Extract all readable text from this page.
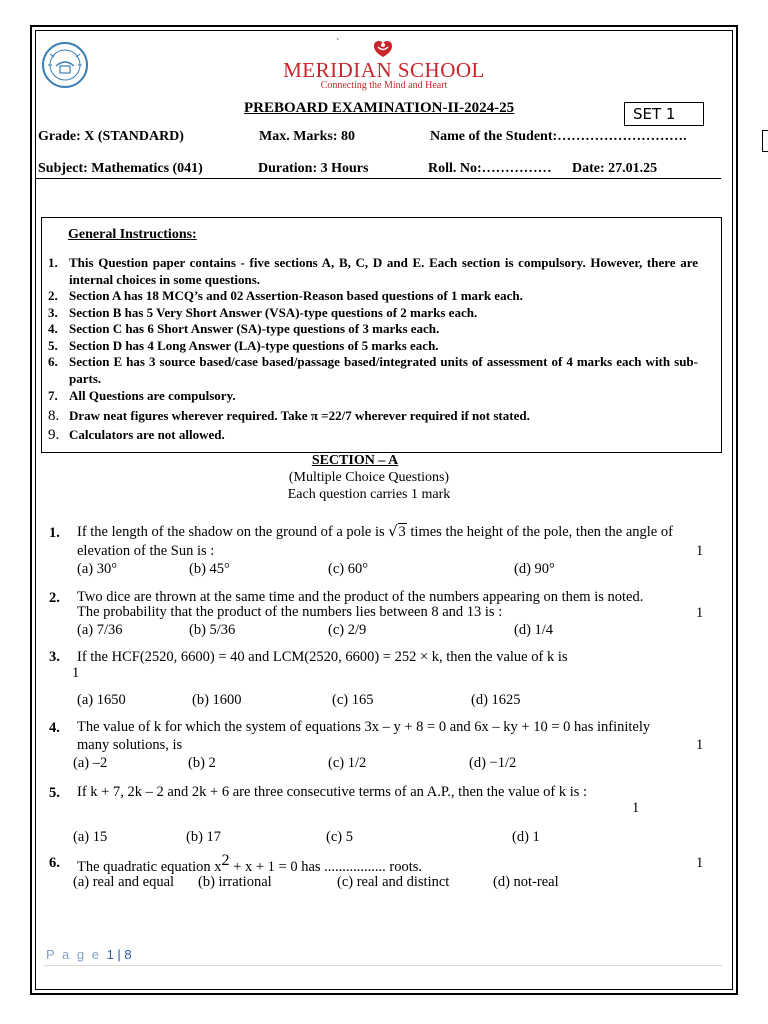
`
MERIDIAN SCHOOL
Connecting the Mind and Heart
PREBOARD EXAMINATION-II-2024-25	SET 1
Grade: X (STANDARD)	Max. Marks: 80	Name of the Student:……………………….
Subject: Mathematics (041)	Duration: 3 Hours	Roll. No:…………… Date: 27.01.25
General Instructions:
1. This Question paper contains - five sections A, B, C, D and E. Each section is compulsory. However, there are internal choices in some questions.
2. Section A has 18 MCQ’s and 02 Assertion-Reason based questions of 1 mark each.
3. Section B has 5 Very Short Answer (VSA)-type questions of 2 marks each.
4. Section C has 6 Short Answer (SA)-type questions of 3 marks each.
5. Section D has 4 Long Answer (LA)-type questions of 5 marks each.
6. Section E has 3 source based/case based/passage based/integrated units of assessment of 4 marks each with sub-parts.
7. All Questions are compulsory.
8. Draw neat figures wherever required. Take π =22/7 wherever required if not stated.
9. Calculators are not allowed.
SECTION – A
(Multiple Choice Questions)
Each question carries 1 mark
1. If the length of the shadow on the ground of a pole is √3 times the height of the pole, then the angle of
elevation of the Sun is :	1
(a) 30°	(b) 45°	(c) 60°	(d) 90°
2. Two dice are thrown at the same time and the product of the numbers appearing on them is noted.
The probability that the product of the numbers lies between 8 and 13 is :	1
(a) 7/36	(b) 5/36	(c) 2/9	(d) 1/4
3. If the HCF(2520, 6600) = 40 and LCM(2520, 6600) = 252 × k, then the value of k is
1
(a) 1650	(b) 1600	(c) 165	(d) 1625
4. The value of k for which the system of equations 3x – y + 8 = 0 and 6x – ky + 10 = 0 has infinitely
many solutions, is	1
(a) –2	(b) 2	(c) 1/2	(d) −1/2
5. If k + 7, 2k – 2 and 2k + 6 are three consecutive terms of an A.P., then the value of k is :
1
(a) 15	(b) 17	(c) 5	(d) 1
6. The quadratic equation $x^2 + x + 1 = 0$ has ................. roots.	1
(a) real and equal (b) irrational	(c) real and distinct	(d) not-real
P a g e 1 | 8
